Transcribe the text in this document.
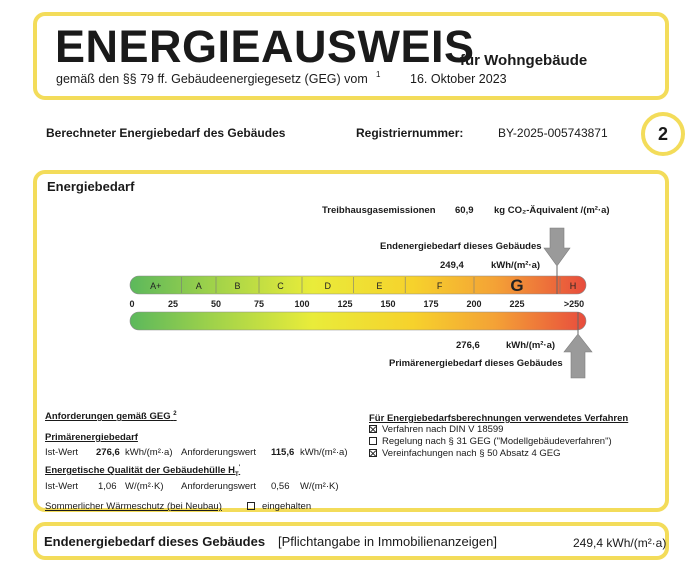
ENERGIEAUSWEIS
für Wohngebäude
gemäß den §§ 79 ff. Gebäudeenergiegesetz (GEG) vom 1 16. Oktober 2023
Berechneter Energiebedarf des Gebäudes	Registriernummer:	BY-2025-005743871	2
Energiebedarf
Treibhausgasemissionen 60,9 kg CO₂-Äquivalent /(m²·a)
Endenergiebedarf dieses Gebäudes
249,4	kWh/(m²·a)
A+	A	B	C	D	E	F	G	H
0	25	50	75	100	125	150	175	200	225	>250
276,6	kWh/(m²·a)
Primärenergiebedarf dieses Gebäudes
Anforderungen gemäß GEG $^2$
Primärenergiebedarf
Ist-Wert 276,6 kWh/(m²·a) Anforderungswert 115,6 kWh/(m²·a)
Energetische Qualität der Gebäudehülle $H_T'$
Ist-Wert 1,06 W/(m²·K) Anforderungswert 0,56 W/(m²·K)
Sommerlicher Wärmeschutz (bei Neubau)	eingehalten
Für Energiebedarfsberechnungen verwendetes Verfahren
Verfahren nach DIN V 18599
Regelung nach § 31 GEG ("Modellgebäudeverfahren")
Vereinfachungen nach § 50 Absatz 4 GEG
Endenergiebedarf dieses Gebäudes [Pflichtangabe in Immobilienanzeigen]	249,4 kWh/(m²·a)
